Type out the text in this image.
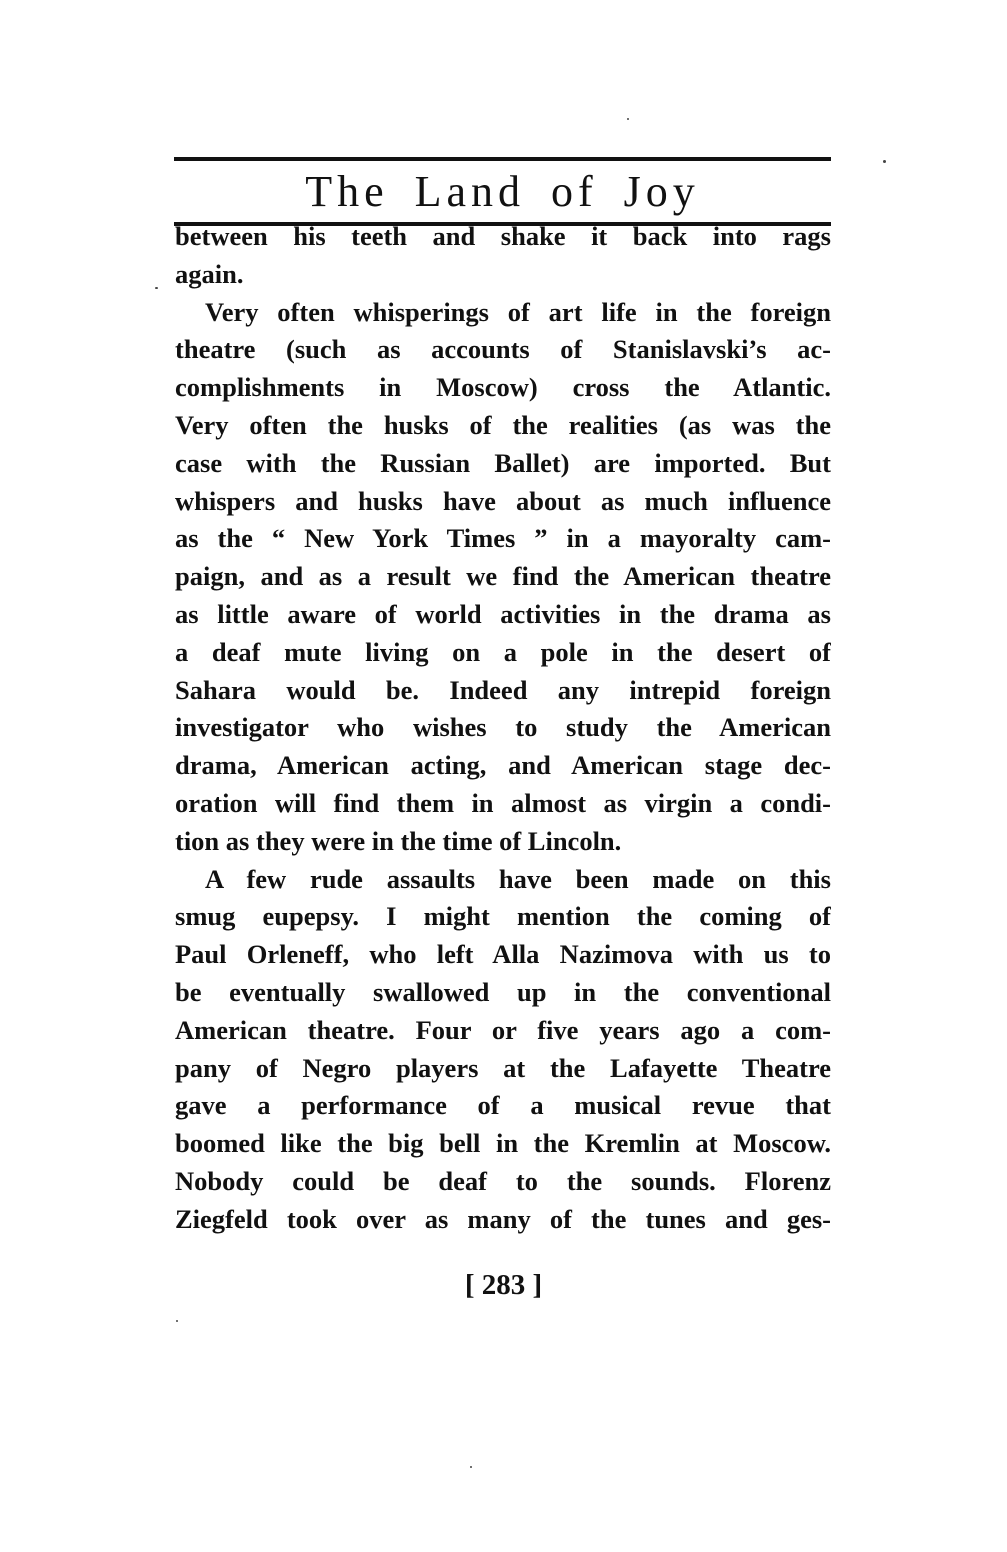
The Land of Joy
between his teeth and shake it back into rags
again.
Very often whisperings of art life in the foreign
theatre (such as accounts of Stanislavski’s ac-
complishments in Moscow) cross the Atlantic.
Very often the husks of the realities (as was the
case with the Russian Ballet) are imported. But
whispers and husks have about as much influence
as the “ New York Times ” in a mayoralty cam-
paign, and as a result we find the American theatre
as little aware of world activities in the drama as
a deaf mute living on a pole in the desert of
Sahara would be. Indeed any intrepid foreign
investigator who wishes to study the American
drama, American acting, and American stage dec-
oration will find them in almost as virgin a condi-
tion as they were in the time of Lincoln.
A few rude assaults have been made on this
smug eupepsy. I might mention the coming of
Paul Orleneff, who left Alla Nazimova with us to
be eventually swallowed up in the conventional
American theatre. Four or five years ago a com-
pany of Negro players at the Lafayette Theatre
gave a performance of a musical revue that
boomed like the big bell in the Kremlin at Moscow.
Nobody could be deaf to the sounds. Florenz
Ziegfeld took over as many of the tunes and ges-
[ 283 ]
